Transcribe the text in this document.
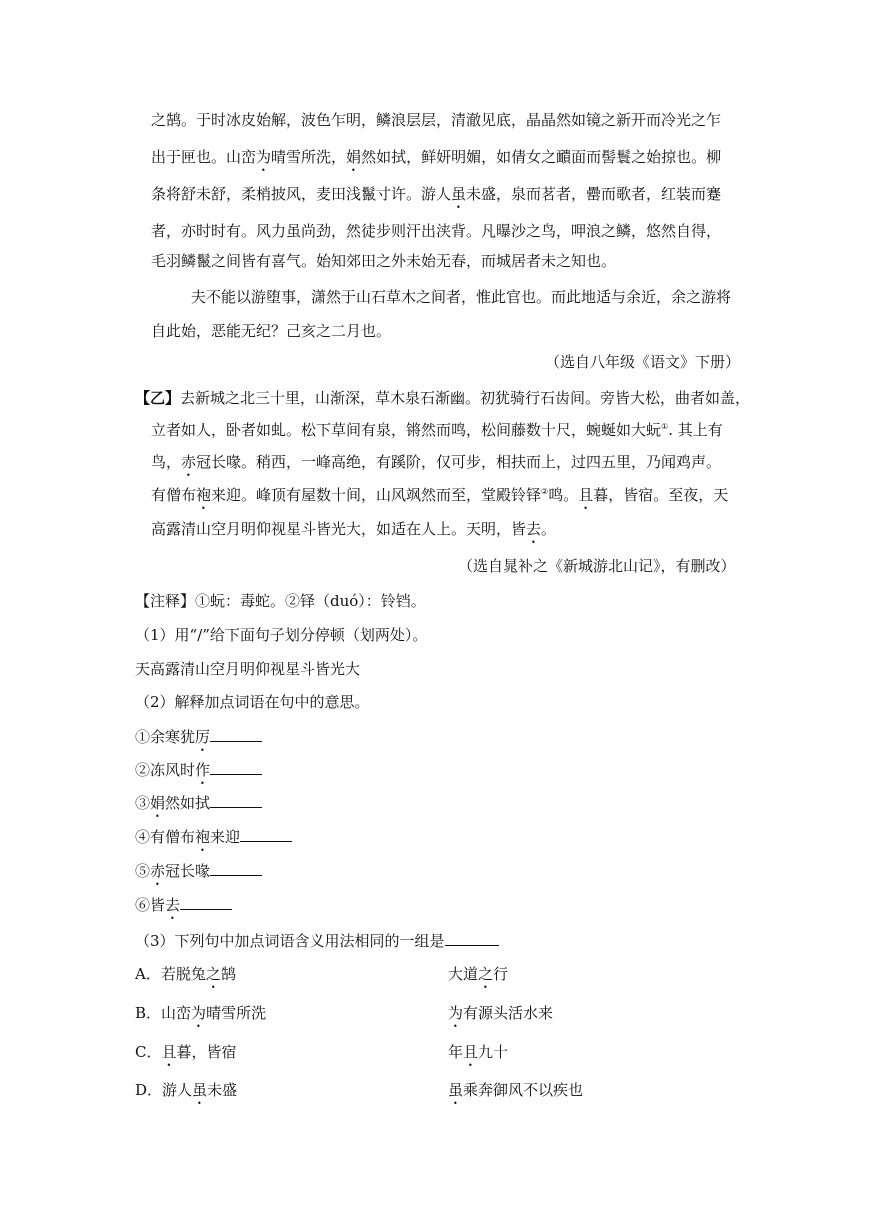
之鹄。于时冰皮始解，波色乍明，鳞浪层层，清澈见底，晶晶然如镜之新开而冷光之乍
出于匣也。山峦为晴雪所洗，娟然如拭，鲜妍明媚，如倩女之靧面而髻鬟之始掠也。柳
条将舒未舒，柔梢披风，麦田浅鬣寸许。游人虽未盛，泉而茗者，罍而歌者，红装而蹇
者，亦时时有。风力虽尚劲，然徒步则汗出浃背。凡曝沙之鸟，呷浪之鳞，悠然自得，
毛羽鳞鬣之间皆有喜气。始知郊田之外未始无春，而城居者未之知也。
夫不能以游堕事，潇然于山石草木之间者，惟此官也。而此地适与余近，余之游将
自此始，恶能无纪？己亥之二月也。
（选自八年级《语文》下册）
【乙】去新城之北三十里，山渐深，草木泉石渐幽。初犹骑行石齿间。旁皆大松，曲者如盖，
立者如人，卧者如虬。松下草间有泉，锵然而鸣，松间藤数十尺，蜿蜒如大蚖①. 其上有
鸟，赤冠长喙。稍西，一峰高绝，有蹊阶，仅可步，相扶而上，过四五里，乃闻鸡声。
有僧布袍来迎。峰顶有屋数十间，山风飒然而至，堂殿铃铎②鸣。且暮，皆宿。至夜，天
高露清山空月明仰视星斗皆光大，如适在人上。天明，皆去。
（选自晁补之《新城游北山记》，有删改）
【注释】①蚖：毒蛇。②铎（duó）：铃铛。
（1）用“/”给下面句子划分停顿（划两处）。
天高露清山空月明仰视星斗皆光大
（2）解释加点词语在句中的意思。
①余寒犹厉
②冻风时作
③娟然如拭
④有僧布袍来迎
⑤赤冠长喙
⑥皆去
（3）下列句中加点词语含义用法相同的一组是
A．若脱兔之鹄	大道之行
B．山峦为晴雪所洗	为有源头活水来
C．且暮，皆宿	年且九十
D．游人虽未盛	虽乘奔御风不以疾也
